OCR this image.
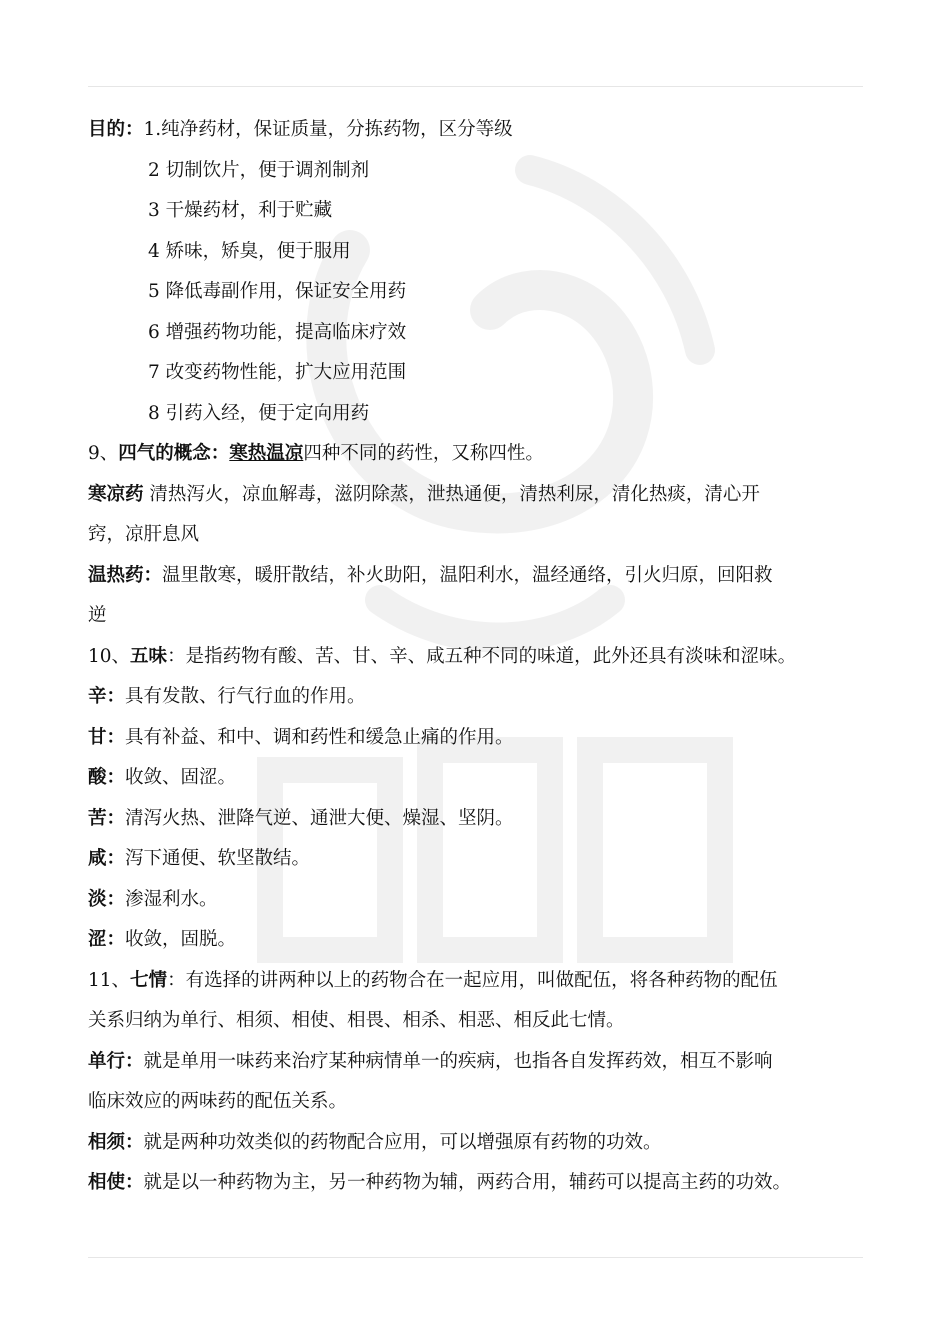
目的：1.纯净药材，保证质量，分拣药物，区分等级
2 切制饮片，便于调剂制剂
3 干燥药材，利于贮藏
4 矫味，矫臭，便于服用
5 降低毒副作用，保证安全用药
6 增强药物功能，提高临床疗效
7 改变药物性能，扩大应用范围
8 引药入经，便于定向用药
9、四气的概念：寒热温凉四种不同的药性，又称四性。
寒凉药 清热泻火，凉血解毒，滋阴除蒸，泄热通便，清热利尿，清化热痰，清心开
窍，凉肝息风
温热药：温里散寒，暖肝散结，补火助阳，温阳利水，温经通络，引火归原，回阳救
逆
10、五味：是指药物有酸、苦、甘、辛、咸五种不同的味道，此外还具有淡味和涩味。
辛：具有发散、行气行血的作用。
甘：具有补益、和中、调和药性和缓急止痛的作用。
酸：收敛、固涩。
苦：清泻火热、泄降气逆、通泄大便、燥湿、坚阴。
咸：泻下通便、软坚散结。
淡：渗湿利水。
涩：收敛，固脱。
11、七情：有选择的讲两种以上的药物合在一起应用，叫做配伍，将各种药物的配伍
关系归纳为单行、相须、相使、相畏、相杀、相恶、相反此七情。
单行：就是单用一味药来治疗某种病情单一的疾病，也指各自发挥药效，相互不影响
临床效应的两味药的配伍关系。
相须：就是两种功效类似的药物配合应用，可以增强原有药物的功效。
相使：就是以一种药物为主，另一种药物为辅，两药合用，辅药可以提高主药的功效。
